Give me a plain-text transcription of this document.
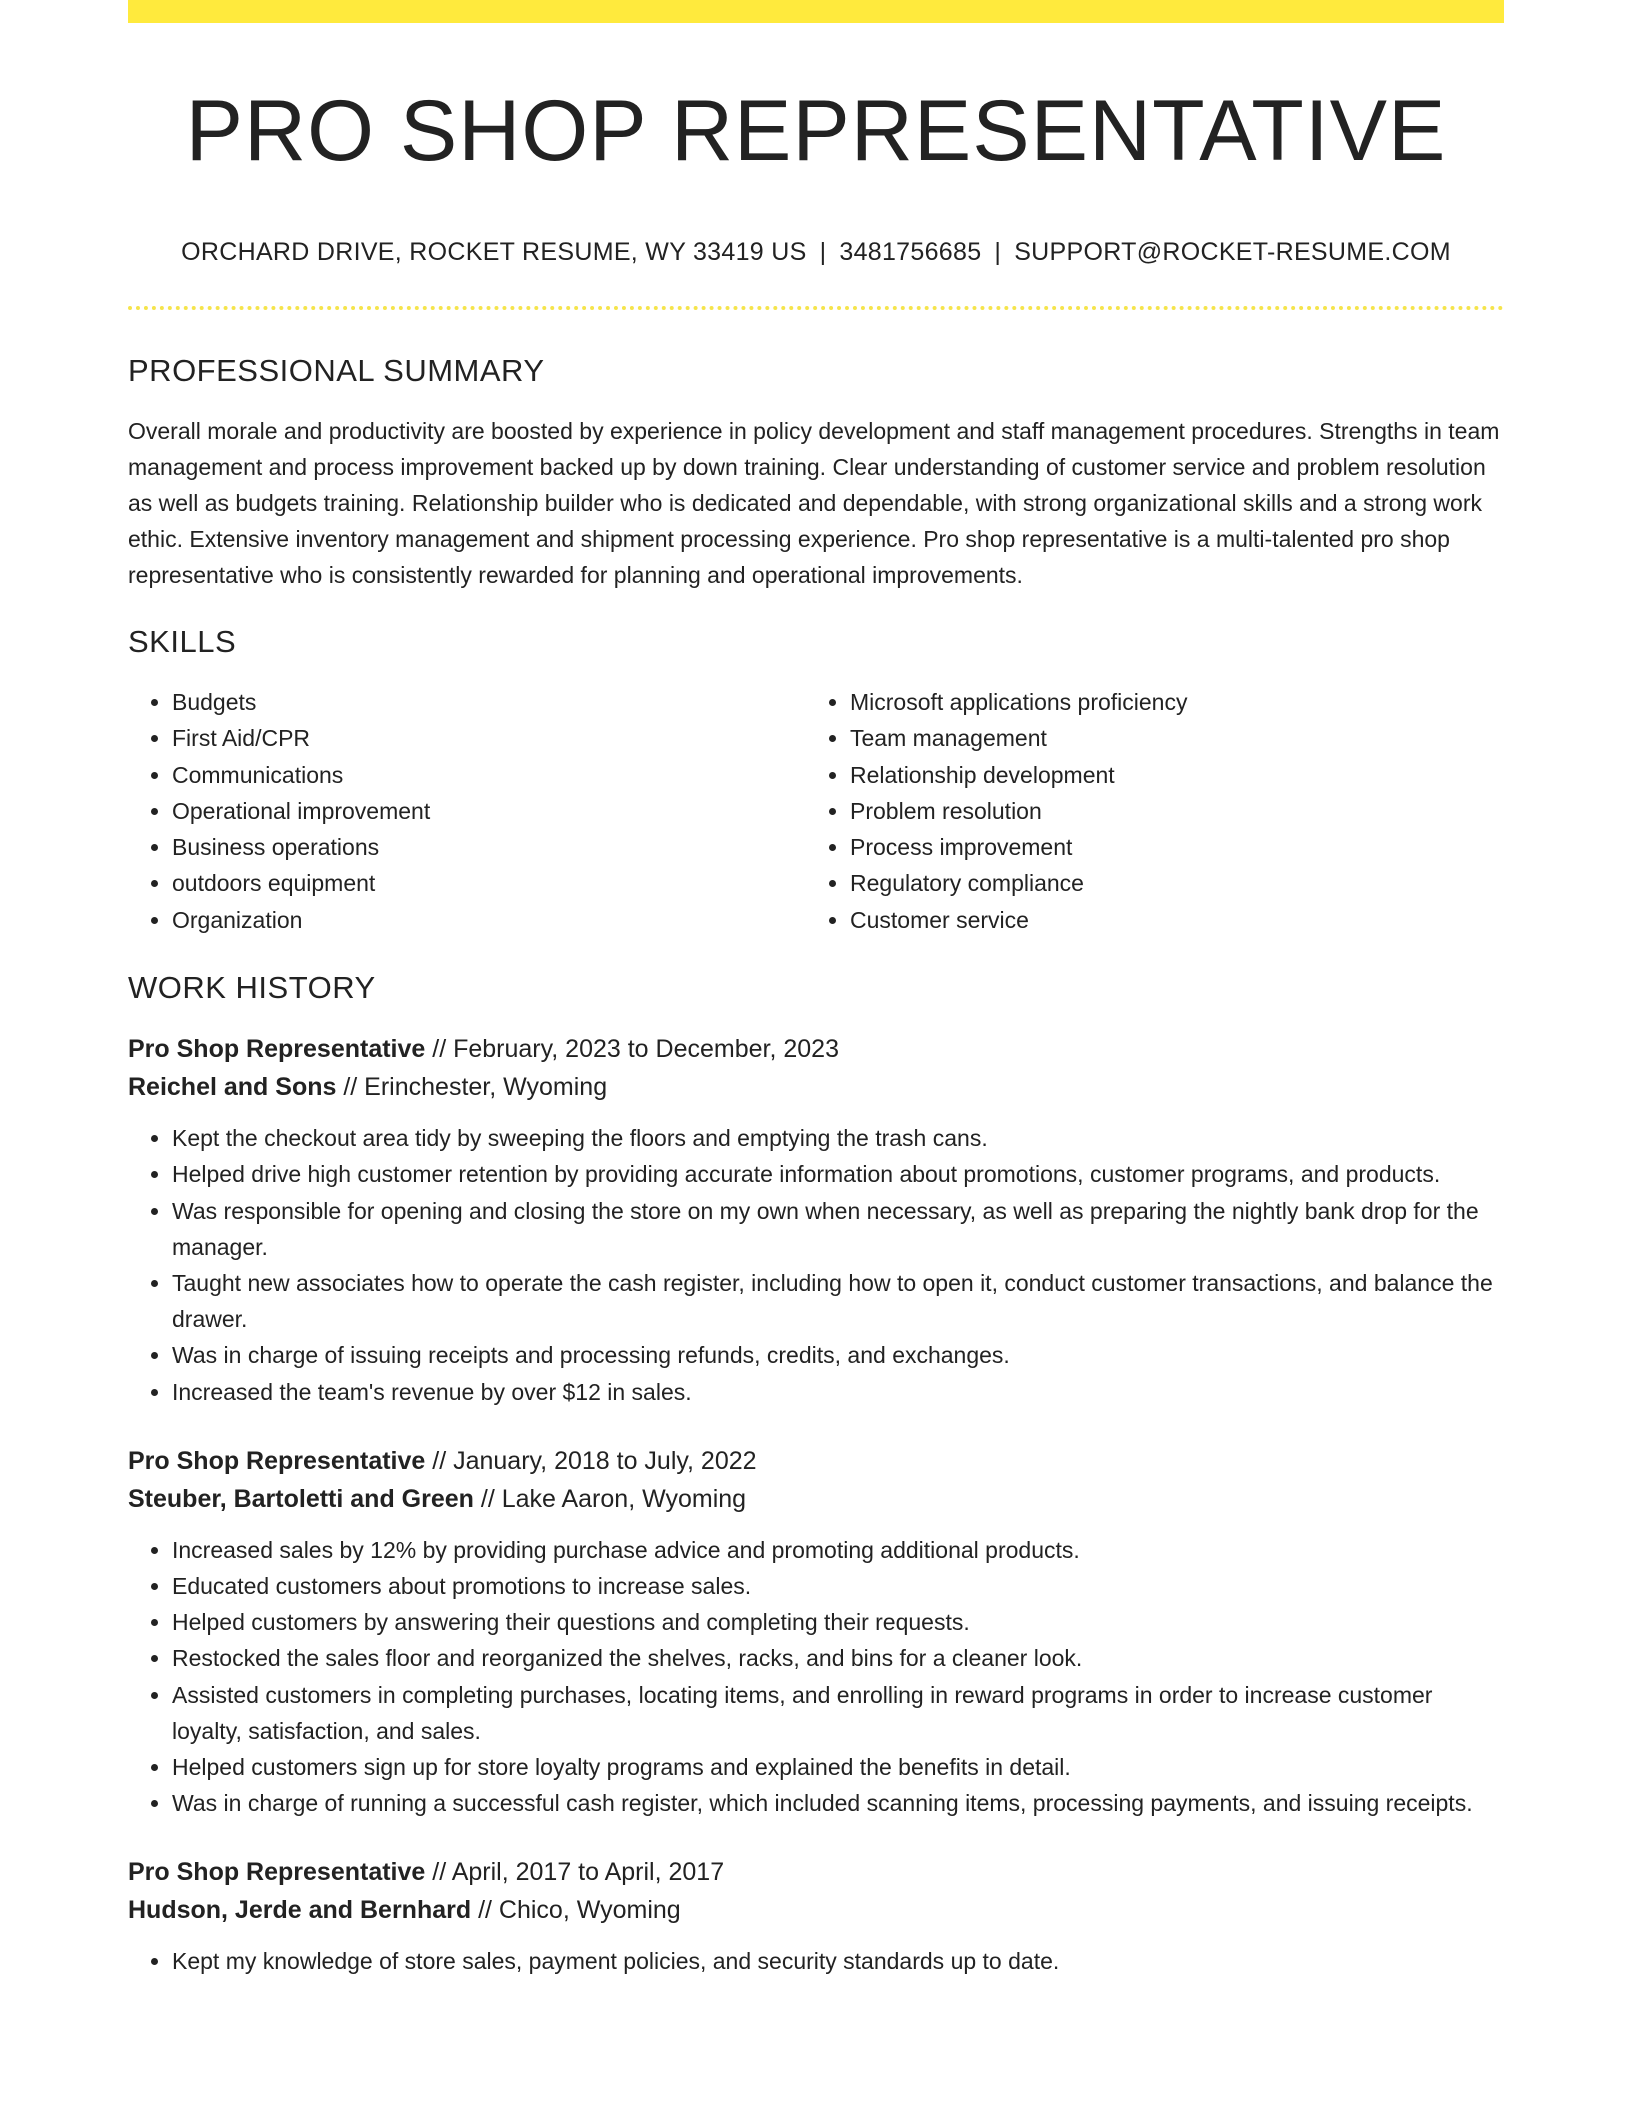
PRO SHOP REPRESENTATIVE
ORCHARD DRIVE, ROCKET RESUME, WY 33419 US | 3481756685 | SUPPORT@ROCKET-RESUME.COM
PROFESSIONAL SUMMARY

Overall morale and productivity are boosted by experience in policy development and staff management procedures. Strengths in team management and process improvement backed up by down training. Clear understanding of customer service and problem resolution as well as budgets training. Relationship builder who is dedicated and dependable, with strong organizational skills and a strong work ethic. Extensive inventory management and shipment processing experience. Pro shop representative is a multi-talented pro shop representative who is consistently rewarded for planning and operational improvements.

SKILLS
• Budgets
• First Aid/CPR
• Communications
• Operational improvement
• Business operations
• outdoors equipment
• Organization
• Microsoft applications proficiency
• Team management
• Relationship development
• Problem resolution
• Process improvement
• Regulatory compliance
• Customer service
WORK HISTORY
Pro Shop Representative // February, 2023 to December, 2023
Reichel and Sons // Erinchester, Wyoming
• Kept the checkout area tidy by sweeping the floors and emptying the trash cans.
• Helped drive high customer retention by providing accurate information about promotions, customer programs, and products.
• Was responsible for opening and closing the store on my own when necessary, as well as preparing the nightly bank drop for the manager.
• Taught new associates how to operate the cash register, including how to open it, conduct customer transactions, and balance the drawer.
• Was in charge of issuing receipts and processing refunds, credits, and exchanges.
• Increased the team's revenue by over $12 in sales.
Pro Shop Representative // January, 2018 to July, 2022
Steuber, Bartoletti and Green // Lake Aaron, Wyoming
• Increased sales by 12% by providing purchase advice and promoting additional products.
• Educated customers about promotions to increase sales.
• Helped customers by answering their questions and completing their requests.
• Restocked the sales floor and reorganized the shelves, racks, and bins for a cleaner look.
• Assisted customers in completing purchases, locating items, and enrolling in reward programs in order to increase customer loyalty, satisfaction, and sales.
• Helped customers sign up for store loyalty programs and explained the benefits in detail.
• Was in charge of running a successful cash register, which included scanning items, processing payments, and issuing receipts.
Pro Shop Representative // April, 2017 to April, 2017
Hudson, Jerde and Bernhard // Chico, Wyoming
• Kept my knowledge of store sales, payment policies, and security standards up to date.
